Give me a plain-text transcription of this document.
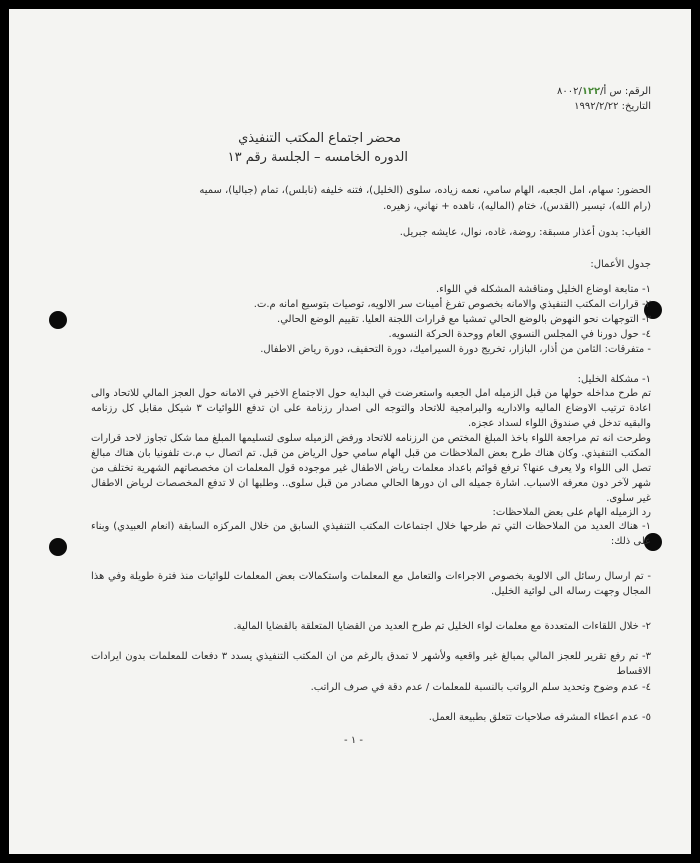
الرقم: س أ/٨٠٠٢/١٢٢
التاريخ: ١٩٩٢/٢/٢٢
محضر اجتماع المكتب التنفيذي
الدوره الخامسه – الجلسة رقم ١٣
الحضور: سهام، امل الجعبه، الهام سامي، نعمه زياده، سلوى (الخليل)، فتنه خليفه (نابلس)، تمام (جباليا)، سميه
(رام الله)، تيسير (القدس)، ختام (الماليه)، ناهده + نهاني، زهيره.
الغياب: بدون أعذار مسبقة: روضة، غاده، نوال، عايشه جبريل.
جدول الأعمال:
١- متابعة اوضاع الخليل ومناقشة المشكله في اللواء.
٢- قرارات المكتب التنفيذي والامانه بخصوص تفرغ أمينات سر الالويه، توصيات بتوسيع امانه م.ت.
٣- التوجهات نحو النهوض بالوضع الحالي تمشيا مع قرارات اللجنة العليا. تقييم الوضع الحالي.
٤- حول دورنا في المجلس النسوي العام ووحدة الحركة النسويه.
- متفرقات: الثامن من أذار، البازار، تخريج دورة السيراميك، دورة التحفيف، دورة رياض الاطفال.
١- مشكلة الخليل:
تم طرح مداخله حولها من قبل الزميله امل الجعبه واستعرضت في البدايه حول الاجتماع الاخير في الامانه حول العجز المالي للاتحاد والى اعادة ترتيب الاوضاع الماليه والاداريه والبرامجية للاتحاد والتوجه الى اصدار رزنامة على ان تدفع اللوائيات ٣ شيكل مقابل كل رزنامه والبقيه تدخل في صندوق اللواء لسداد عجزه.
وطرحت انه تم مراجعة اللواء باخذ المبلغ المختص من الرزنامه للاتحاد ورفض الزميله سلوى لتسليمها المبلغ مما شكل تجاوز لاحد قرارات المكتب التنفيذي. وكان هناك طرح بعض الملاحظات من قبل الهام سامي حول الرياض من قبل. تم اتصال ب م.ت تلفونيا بان هناك مبالغ تصل الى اللواء ولا يعرف عنها؟ ترفع قوائم باعداد معلمات رياض الاطفال غير موجوده قول المعلمات ان مخصصاتهم الشهرية تختلف من شهر لآخر دون معرفه الاسباب. اشارة جميله الى ان دورها الحالي مصادر من قبل سلوى.. وطلبها ان لا تدفع المخصصات لرياض الاطفال غير سلوى.
رد الزميله الهام على بعض الملاحظات:
١- هناك العديد من الملاحظات التي تم طرحها خلال اجتماعات المكتب التنفيذي السابق من خلال المركزه السابقة (انعام العبيدي) وبناء على ذلك:
- تم ارسال رسائل الى الالوية بخصوص الاجراءات والتعامل مع المعلمات واستكمالات بعض المعلمات للوائيات منذ فترة طويلة وفي هذا المجال وجهت رساله الى لوائية الخليل.
٢- خلال اللقاءات المتعددة مع معلمات لواء الخليل تم طرح العديد من القضايا المتعلقة بالقضايا المالية.
٣- تم رفع تقرير للعجز المالي بمبالغ غير واقعيه ولأشهر لا تمدق بالرغم من ان المكتب التنفيذي يسدد ٣ دفعات للمعلمات بدون ايرادات الاقساط
٤- عدم وضوح وتحديد سلم الرواتب بالنسبة للمعلمات / عدم دقة في صرف الراتب.
٥- عدم اعطاء المشرفه صلاحيات تتعلق بطبيعة العمل.
- ١ -
